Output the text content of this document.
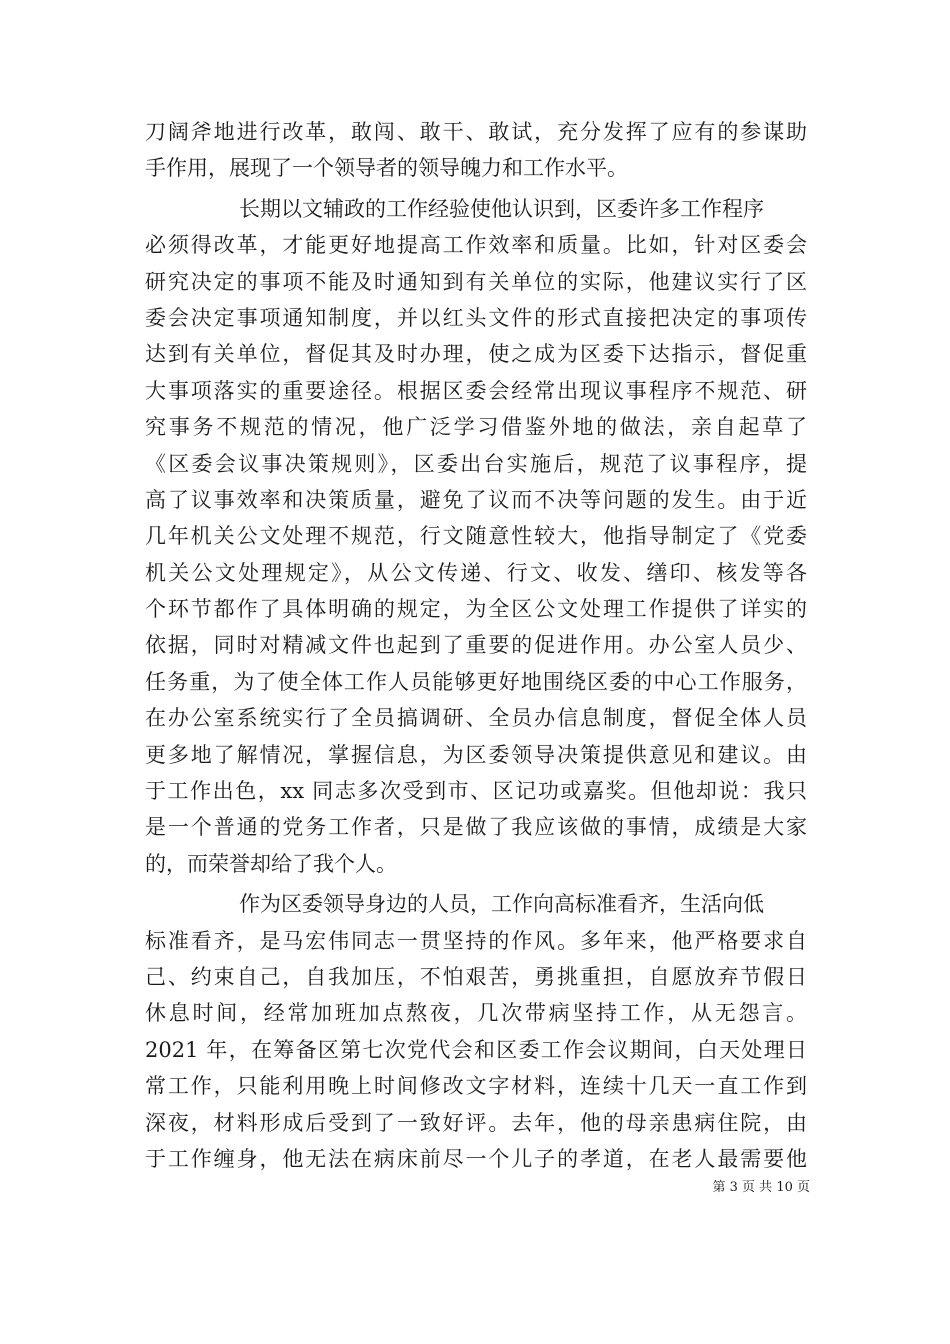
刀阔斧地进行改革，敢闯、敢干、敢试，充分发挥了应有的参谋助
手作用，展现了一个领导者的领导魄力和工作水平。
长期以文辅政的工作经验使他认识到，区委许多工作程序
必须得改革，才能更好地提高工作效率和质量。比如，针对区委会
研究决定的事项不能及时通知到有关单位的实际，他建议实行了区
委会决定事项通知制度，并以红头文件的形式直接把决定的事项传
达到有关单位，督促其及时办理，使之成为区委下达指示，督促重
大事项落实的重要途径。根据区委会经常出现议事程序不规范、研
究事务不规范的情况，他广泛学习借鉴外地的做法，亲自起草了
《区委会议事决策规则》，区委出台实施后，规范了议事程序，提
高了议事效率和决策质量，避免了议而不决等问题的发生。由于近
几年机关公文处理不规范，行文随意性较大，他指导制定了《党委
机关公文处理规定》，从公文传递、行文、收发、缮印、核发等各
个环节都作了具体明确的规定，为全区公文处理工作提供了详实的
依据，同时对精减文件也起到了重要的促进作用。办公室人员少、
任务重，为了使全体工作人员能够更好地围绕区委的中心工作服务，
在办公室系统实行了全员搞调研、全员办信息制度，督促全体人员
更多地了解情况，掌握信息，为区委领导决策提供意见和建议。由
于工作出色，xx 同志多次受到市、区记功或嘉奖。但他却说：我只
是一个普通的党务工作者，只是做了我应该做的事情，成绩是大家
的，而荣誉却给了我个人。
作为区委领导身边的人员，工作向高标准看齐，生活向低
标准看齐，是马宏伟同志一贯坚持的作风。多年来，他严格要求自
己、约束自己，自我加压，不怕艰苦，勇挑重担，自愿放弃节假日
休息时间，经常加班加点熬夜，几次带病坚持工作，从无怨言。
2021 年，在筹备区第七次党代会和区委工作会议期间，白天处理日
常工作，只能利用晚上时间修改文字材料，连续十几天一直工作到
深夜，材料形成后受到了一致好评。去年，他的母亲患病住院，由
于工作缠身，他无法在病床前尽一个儿子的孝道，在老人最需要他
第 3 页 共 10 页
